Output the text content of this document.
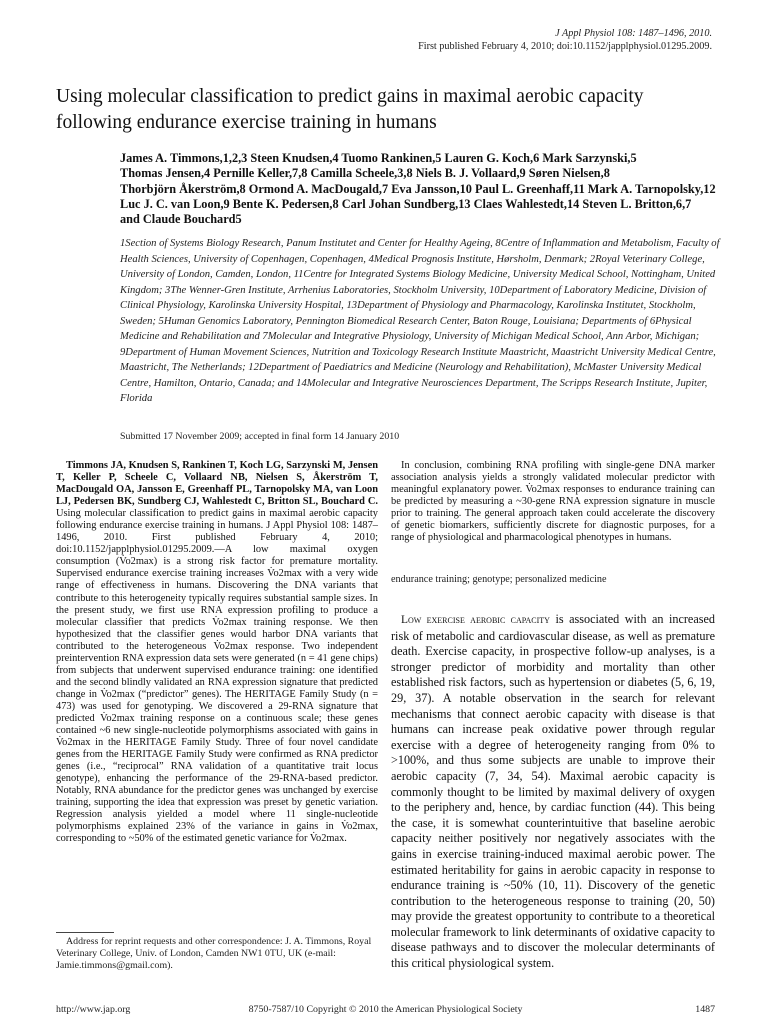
J Appl Physiol 108: 1487–1496, 2010.
First published February 4, 2010; doi:10.1152/japplphysiol.01295.2009.
Using molecular classification to predict gains in maximal aerobic capacity following endurance exercise training in humans

James A. Timmons,1,2,3 Steen Knudsen,4 Tuomo Rankinen,5 Lauren G. Koch,6 Mark Sarzynski,5 Thomas Jensen,4 Pernille Keller,7,8 Camilla Scheele,3,8 Niels B. J. Vollaard,9 Søren Nielsen,8 Thorbjörn Åkerström,8 Ormond A. MacDougald,7 Eva Jansson,10 Paul L. Greenhaff,11 Mark A. Tarnopolsky,12 Luc J. C. van Loon,9 Bente K. Pedersen,8 Carl Johan Sundberg,13 Claes Wahlestedt,14 Steven L. Britton,6,7 and Claude Bouchard5

1Section of Systems Biology Research, Panum Institutet and Center for Healthy Ageing, 8Centre of Inflammation and Metabolism, Faculty of Health Sciences, University of Copenhagen, Copenhagen, 4Medical Prognosis Institute, Hørsholm, Denmark; 2Royal Veterinary College, University of London, Camden, London, 11Centre for Integrated Systems Biology Medicine, University Medical School, Nottingham, United Kingdom; 3The Wenner-Gren Institute, Arrhenius Laboratories, Stockholm University, 10Department of Laboratory Medicine, Division of Clinical Physiology, Karolinska University Hospital, 13Department of Physiology and Pharmacology, Karolinska Institutet, Stockholm, Sweden; 5Human Genomics Laboratory, Pennington Biomedical Research Center, Baton Rouge, Louisiana; Departments of 6Physical Medicine and Rehabilitation and 7Molecular and Integrative Physiology, University of Michigan Medical School, Ann Arbor, Michigan; 9Department of Human Movement Sciences, Nutrition and Toxicology Research Institute Maastricht, Maastricht University Medical Centre, Maastricht, The Netherlands; 12Department of Paediatrics and Medicine (Neurology and Rehabilitation), McMaster University Medical Centre, Hamilton, Ontario, Canada; and 14Molecular and Integrative Neurosciences Department, The Scripps Research Institute, Jupiter, Florida

Submitted 17 November 2009; accepted in final form 14 January 2010
Timmons JA, Knudsen S, Rankinen T, Koch LG, Sarzynski M, Jensen T, Keller P, Scheele C, Vollaard NB, Nielsen S, Åkerström T, MacDougald OA, Jansson E, Greenhaff PL, Tarnopolsky MA, van Loon LJ, Pedersen BK, Sundberg CJ, Wahlestedt C, Britton SL, Bouchard C. Using molecular classification to predict gains in maximal aerobic capacity following endurance exercise training in humans. J Appl Physiol 108: 1487–1496, 2010. First published February 4, 2010; doi:10.1152/japplphysiol.01295.2009.—A low maximal oxygen consumption (V̇o2max) is a strong risk factor for premature mortality. Supervised endurance exercise training increases V̇o2max with a very wide range of effectiveness in humans. Discovering the DNA variants that contribute to this heterogeneity typically requires substantial sample sizes. In the present study, we first use RNA expression profiling to produce a molecular classifier that predicts V̇o2max training response. We then hypothesized that the classifier genes would harbor DNA variants that contributed to the heterogeneous V̇o2max response. Two independent preintervention RNA expression data sets were generated (n = 41 gene chips) from subjects that underwent supervised endurance training: one identified and the second blindly validated an RNA expression signature that predicted change in V̇o2max (“predictor” genes). The HERITAGE Family Study (n = 473) was used for genotyping. We discovered a 29-RNA signature that predicted V̇o2max training response on a continuous scale; these genes contained ~6 new single-nucleotide polymorphisms associated with gains in V̇o2max in the HERITAGE Family Study. Three of four novel candidate genes from the HERITAGE Family Study were confirmed as RNA predictor genes (i.e., “reciprocal” RNA validation of a quantitative trait locus genotype), enhancing the performance of the 29-RNA-based predictor. Notably, RNA abundance for the predictor genes was unchanged by exercise training, supporting the idea that expression was preset by genetic variation. Regression analysis yielded a model where 11 single-nucleotide polymorphisms explained 23% of the variance in gains in V̇o2max, corresponding to ~50% of the estimated genetic variance for V̇o2max.
Address for reprint requests and other correspondence: J. A. Timmons, Royal Veterinary College, Univ. of London, Camden NW1 0TU, UK (e-mail: Jamie.timmons@gmail.com).
In conclusion, combining RNA profiling with single-gene DNA marker association analysis yields a strongly validated molecular predictor with meaningful explanatory power. V̇o2max responses to endurance training can be predicted by measuring a ~30-gene RNA expression signature in muscle prior to training. The general approach taken could accelerate the discovery of genetic biomarkers, sufficiently discrete for diagnostic purposes, for a range of physiological and pharmacological phenotypes in humans.
endurance training; genotype; personalized medicine
Low exercise aerobic capacity is associated with an increased risk of metabolic and cardiovascular disease, as well as premature death. Exercise capacity, in prospective follow-up analyses, is a stronger predictor of morbidity and mortality than other established risk factors, such as hypertension or diabetes (5, 6, 19, 29, 37). A notable observation in the search for relevant mechanisms that connect aerobic capacity with disease is that humans can increase peak oxidative power through regular exercise with a degree of heterogeneity ranging from 0% to >100%, and thus some subjects are unable to improve their aerobic capacity (7, 34, 54). Maximal aerobic capacity is commonly thought to be limited by maximal delivery of oxygen to the periphery and, hence, by cardiac function (44). This being the case, it is somewhat counterintuitive that baseline aerobic capacity neither positively nor negatively associates with the gains in exercise training-induced maximal aerobic power. The estimated heritability for gains in aerobic capacity in response to endurance training is ~50% (10, 11). Discovery of the genetic contribution to the heterogeneous response to training (20, 50) may provide the greatest opportunity to contribute to a theoretical molecular framework to link determinants of oxidative capacity to disease pathways and to discover the molecular determinants of this critical physiological system.
http://www.jap.org	8750-7587/10 Copyright © 2010 the American Physiological Society	1487
